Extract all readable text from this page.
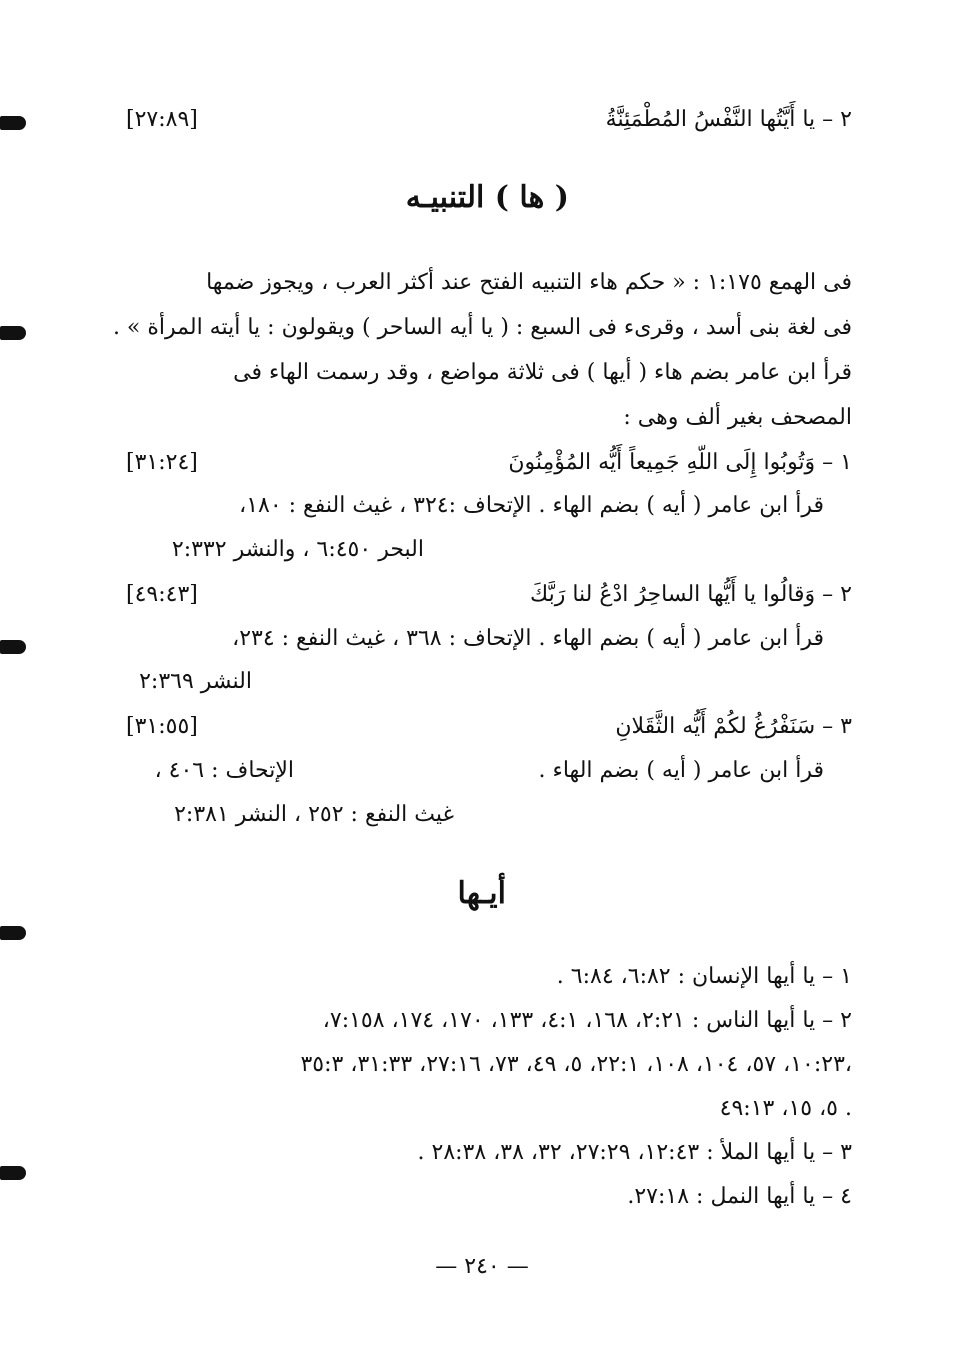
٢ – يا أَيَّتُها النَّفْسُ المُطْمَئِنَّةُ
[٢٧:٨٩]
( ها ) التنبيـه
فى الهمع ١:١٧٥ : « حكم هاء التنبيه الفتح عند أكثر العرب ، ويجوز ضمها
فى لغة بنى أسد ، وقرىء فى السبع : ( يا أيه الساحر ) ويقولون : يا أيته المرأة » .
قرأ ابن عامر بضم هاء ( أيها ) فى ثلاثة مواضع ، وقد رسمت الهاء فى
المصحف بغير ألف وهى :
١ – وَتُوبُوا إِلَى اللّهِ جَمِيعاً أَيُّه المُؤْمِنُونَ
[٣١:٢٤]
قرأ ابن عامر ( أيه ) بضم الهاء . الإتحاف :٣٢٤ ، غيث النفع : ١٨٠،
البحر ٦:٤٥٠ ، والنشر ٢:٣٣٢
٢ – وَقالُوا يا أَيُّها الساحِرُ ادْعُ لنا رَبَّكَ
[٤٩:٤٣]
قرأ ابن عامر ( أيه ) بضم الهاء . الإتحاف : ٣٦٨ ، غيث النفع : ٢٣٤،
النشر ٢:٣٦٩
٣ – سَنَفْرُغُ لكُمْ أَيُّه الثَّقَلانِ
[٣١:٥٥]
قرأ ابن عامر ( أيه ) بضم الهاء .
الإتحاف : ٤٠٦ ،
غيث النفع : ٢٥٢ ، النشر ٢:٣٨١
أيـها
١ – يا أيها الإنسان : ٦:٨٢، ٦:٨٤ .
٢ – يا أيها الناس : ٢:٢١، ١٦٨، ٤:١، ١٣٣، ١٧٠، ١٧٤، ٧:١٥٨،
١٠:٢٣، ٥٧، ١٠٤، ١٠٨، ٢٢:١، ٥، ٤٩، ٧٣، ٢٧:١٦، ٣١:٣٣، ٣٥:٣،
٥، ١٥، ٤٩:١٣ .
٣ – يا أيها الملأ : ١٢:٤٣، ٢٧:٢٩، ٣٢، ٣٨، ٢٨:٣٨ .
٤ – يا أيها النمل : ٢٧:١٨.
— ٢٤٠ —
